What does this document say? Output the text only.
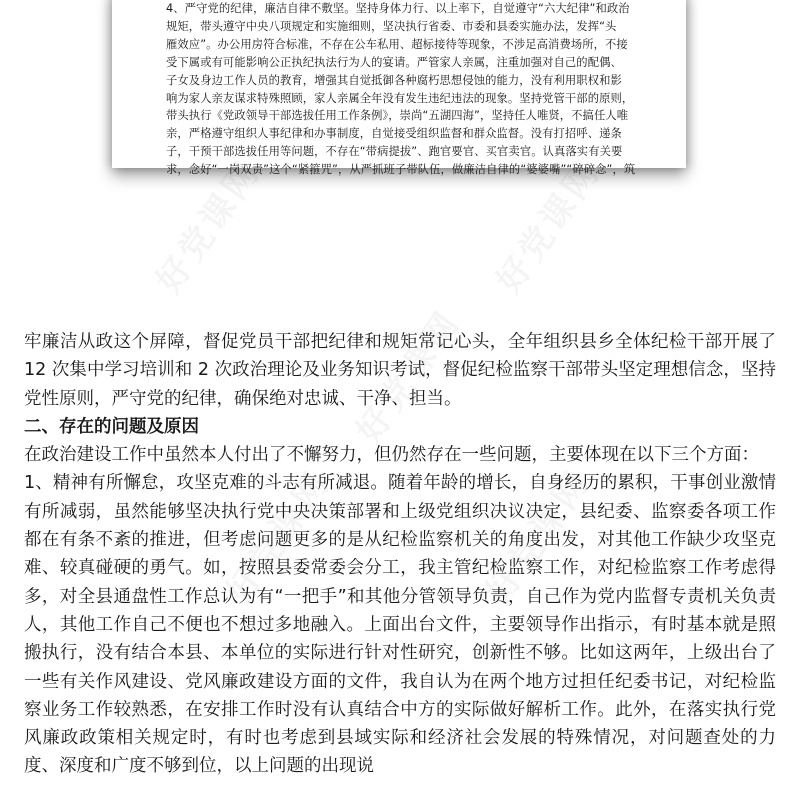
4、严守党的纪律，廉洁自律不敷坚。坚持身体力行、以上率下，自觉遵守“六大纪律”和政治

规矩，带头遵守中央八项规定和实施细则，坚决执行省委、市委和县委实施办法，发挥“头

雁效应”。办公用房符合标准，不存在公车私用、超标接待等现象，不涉足高消费场所，不接

受下属或有可能影响公正执纪执法行为人的宴请。严管家人亲属，注重加强对自己的配偶、

子女及身边工作人员的教育，增强其自觉抵御各种腐朽思想侵蚀的能力，没有利用职权和影

响为家人亲友谋求特殊照顾，家人亲属全年没有发生违纪违法的现象。坚持党管干部的原则，

带头执行《党政领导干部选拔任用工作条例》，崇尚“五湖四海”，坚持任人唯贤，不搞任人唯

亲，严格遵守组织人事纪律和办事制度，自觉接受组织监督和群众监督。没有打招呼、递条

子，干预干部选拔任用等问题，不存在“带病提拔”、跑官要官、买官卖官。认真落实有关要

求，念好“一岗双责”这个“紧箍咒”，从严抓班子带队伍，做廉洁自律的“婆婆嘴”“碎碎念”，筑

牢廉洁从政这个屏障，督促党员干部把纪律和规矩常记心头，全年组织县乡全体纪检干部开展了 12 次集中学习培训和 2 次政治理论及业务知识考试，督促纪检监察干部带头坚定理想信念，坚持党性原则，严守党的纪律，确保绝对忠诚、干净、担当。

二、存在的问题及原因

在政治建设工作中虽然本人付出了不懈努力，但仍然存在一些问题，主要体现在以下三个方面：

1、精神有所懈怠，攻坚克难的斗志有所减退。随着年龄的增长，自身经历的累积，干事创业激情有所减弱，虽然能够坚决执行党中央决策部署和上级党组织决议决定，县纪委、监察委各项工作都在有条不紊的推进，但考虑问题更多的是从纪检监察机关的角度出发，对其他工作缺少攻坚克难、较真碰硬的勇气。如，按照县委常委会分工，我主管纪检监察工作，对纪检监察工作考虑得多，对全县通盘性工作总认为有“一把手”和其他分管领导负责，自己作为党内监督专责机关负责人，其他工作自己不便也不想过多地融入。上面出台文件，主要领导作出指示，有时基本就是照搬执行，没有结合本县、本单位的实际进行针对性研究，创新性不够。比如这两年，上级出台了一些有关作风建设、党风廉政建设方面的文件，我自认为在两个地方过担任纪委书记，对纪检监察业务工作较熟悉，在安排工作时没有认真结合中方的实际做好解析工作。此外，在落实执行党风廉政政策相关规定时，有时也考虑到县域实际和经济社会发展的特殊情况，对问题查处的力度、深度和广度不够到位，以上问题的出现说
